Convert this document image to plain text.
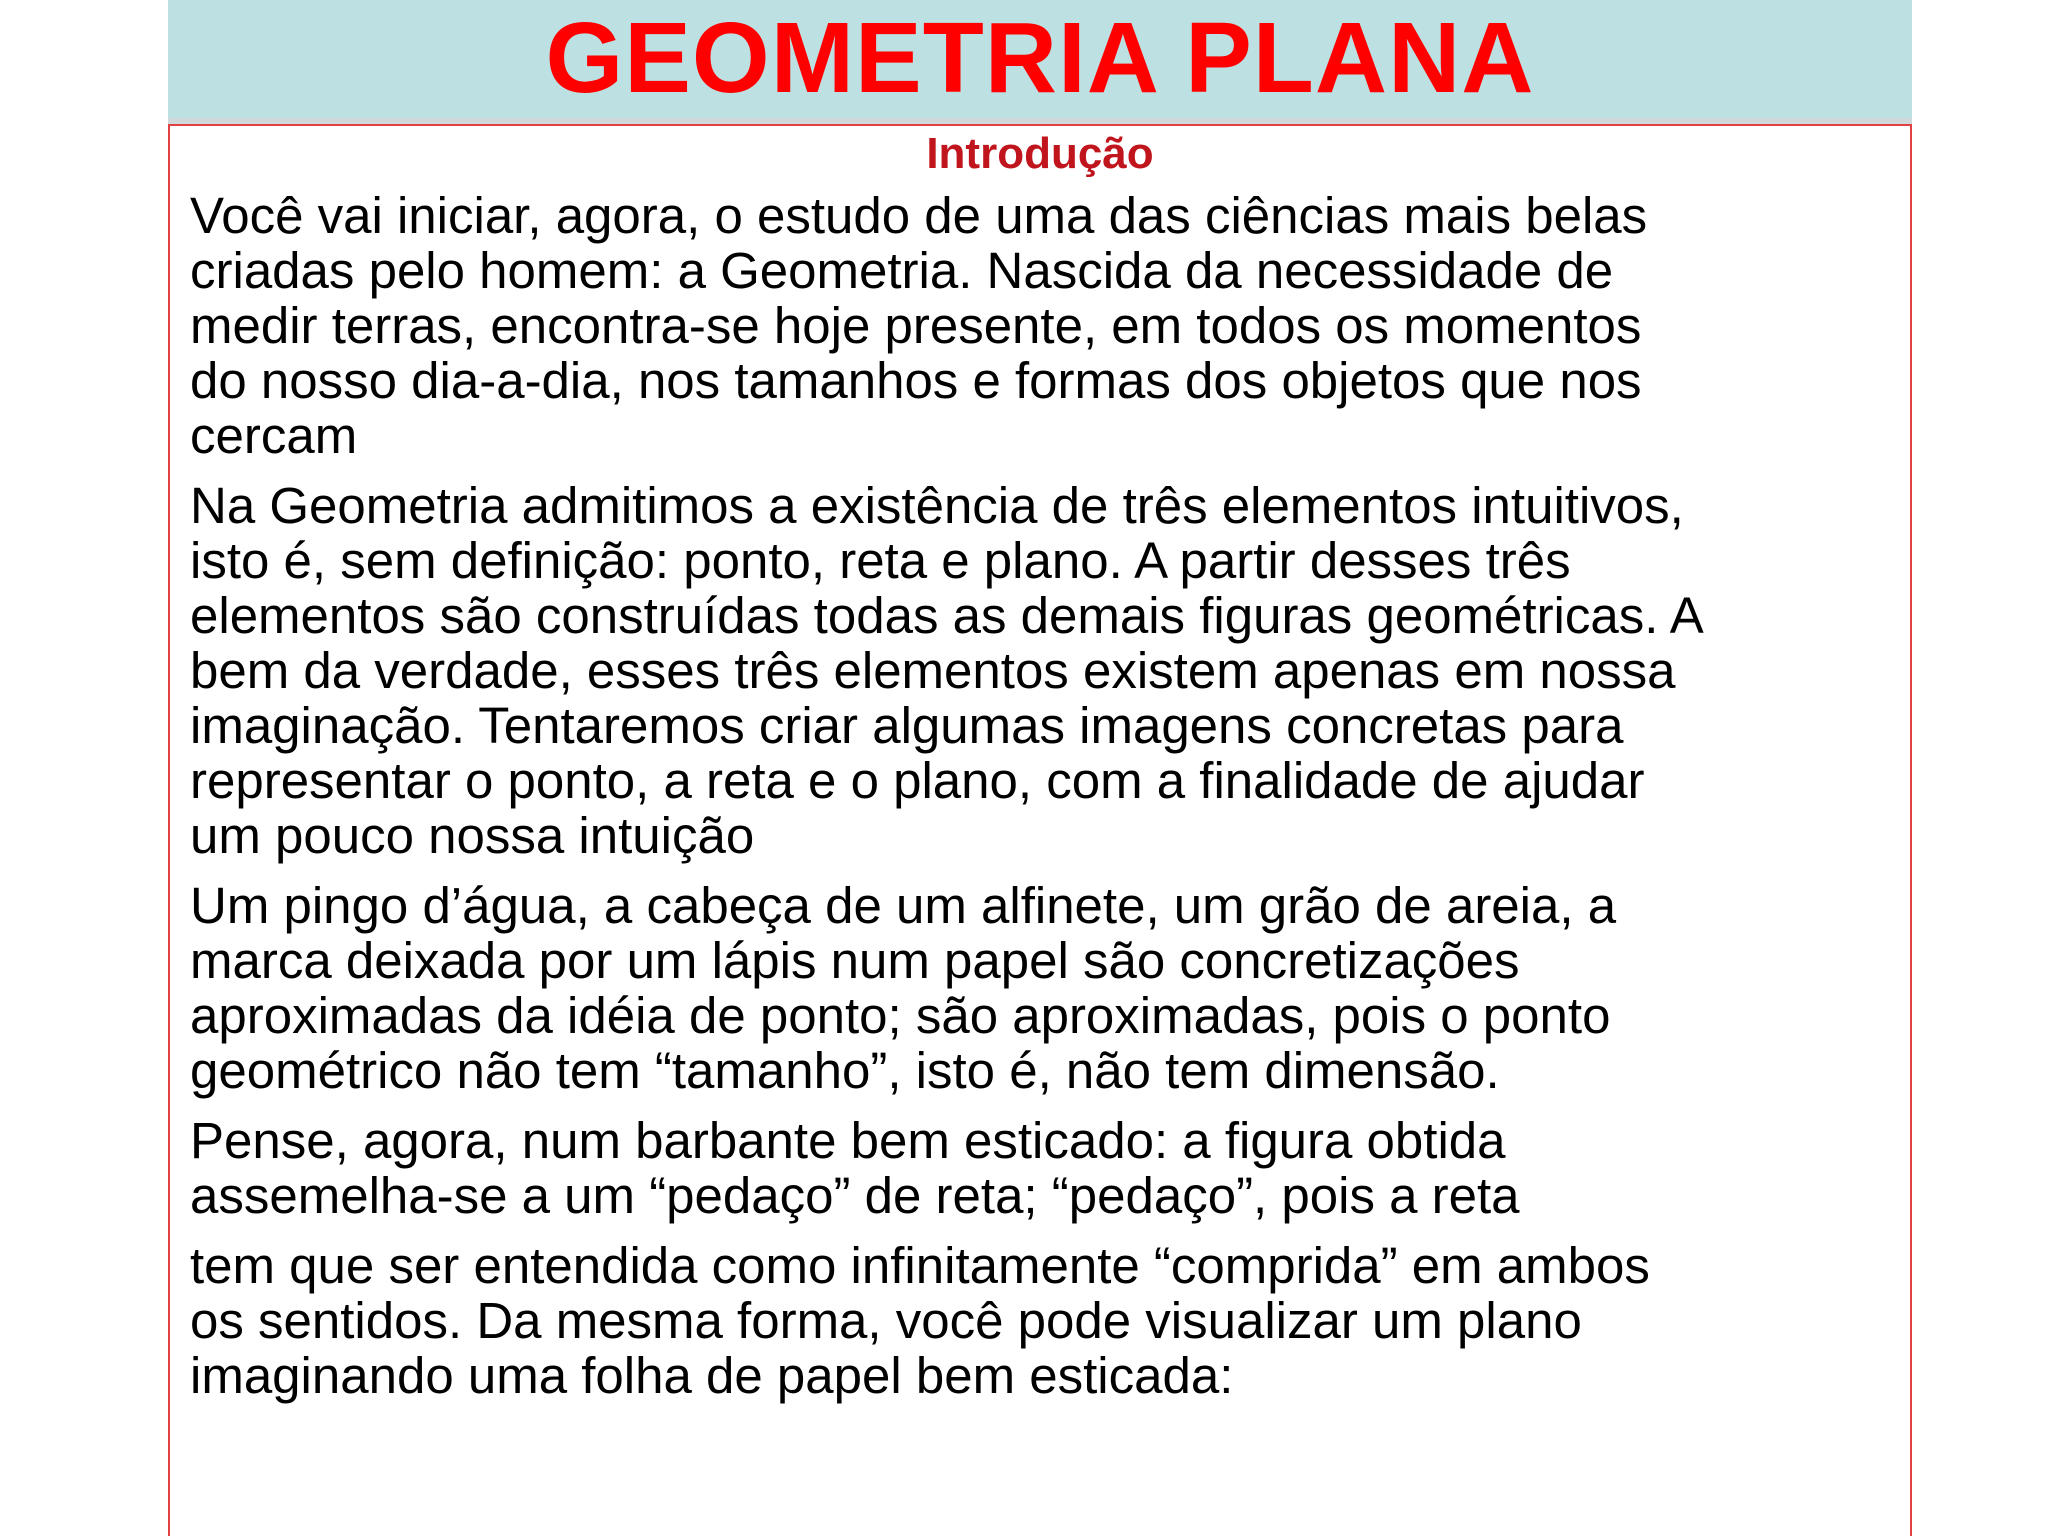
GEOMETRIA PLANA
Introdução
Você vai iniciar, agora, o estudo de uma das ciências mais belas
criadas pelo homem: a Geometria. Nascida da necessidade de
medir terras, encontra-se hoje presente, em todos os momentos
do nosso dia-a-dia, nos tamanhos e formas dos objetos que nos
cercam
Na Geometria admitimos a existência de três elementos intuitivos,
isto é, sem definição: ponto, reta e plano. A partir desses três
elementos são construídas todas as demais figuras geométricas. A
bem da verdade, esses três elementos existem apenas em nossa
imaginação. Tentaremos criar algumas imagens concretas para
representar o ponto, a reta e o plano, com a finalidade de ajudar
um pouco nossa intuição
Um pingo d’água, a cabeça de um alfinete, um grão de areia, a
marca deixada por um lápis num papel são concretizações
aproximadas da idéia de ponto; são aproximadas, pois o ponto
geométrico não tem “tamanho”, isto é, não tem dimensão.
Pense, agora, num barbante bem esticado: a figura obtida
assemelha-se a um “pedaço” de reta; “pedaço”, pois a reta
tem que ser entendida como infinitamente “comprida” em ambos
os sentidos. Da mesma forma, você pode visualizar um plano
imaginando uma folha de papel bem esticada:
